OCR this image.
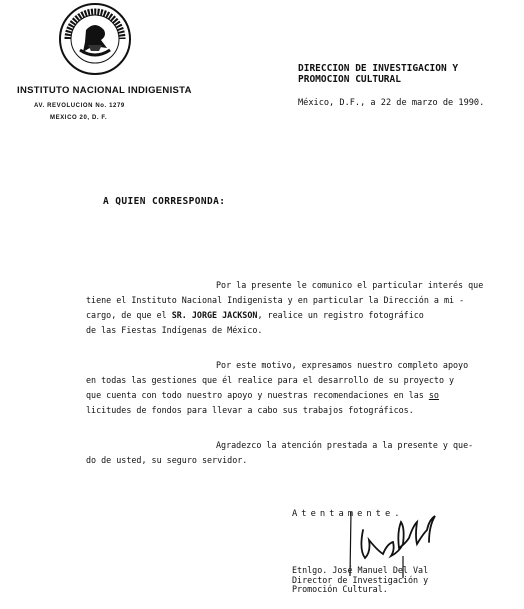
INSTITUTO NACIONAL INDIGENISTA
AV. REVOLUCION No. 1279
MEXICO 20, D. F.
DIRECCION DE INVESTIGACION Y
PROMOCION CULTURAL
México, D.F., a 22 de marzo de 1990.
A QUIEN CORRESPONDA:

Por la presente le comunico el particular interés que

tiene el Instituto Nacional Indigenista y en particular la Dirección a mi -

cargo, de que el SR. JORGE JACKSON, realice un registro fotográfico

de las Fiestas Indígenas de México.

Por este motivo, expresamos nuestro completo apoyo

en todas las gestiones que él realice para el desarrollo de su proyecto y

que cuenta con todo nuestro apoyo y nuestras recomendaciones en las so

licitudes de fondos para llevar a cabo sus trabajos fotográficos.

Agradezco la atención prestada a la presente y que-

do de usted, su seguro servidor.

Atentamente.
Etnlgo. José Manuel Del Val
Director de Investigación y
Promoción Cultural.
